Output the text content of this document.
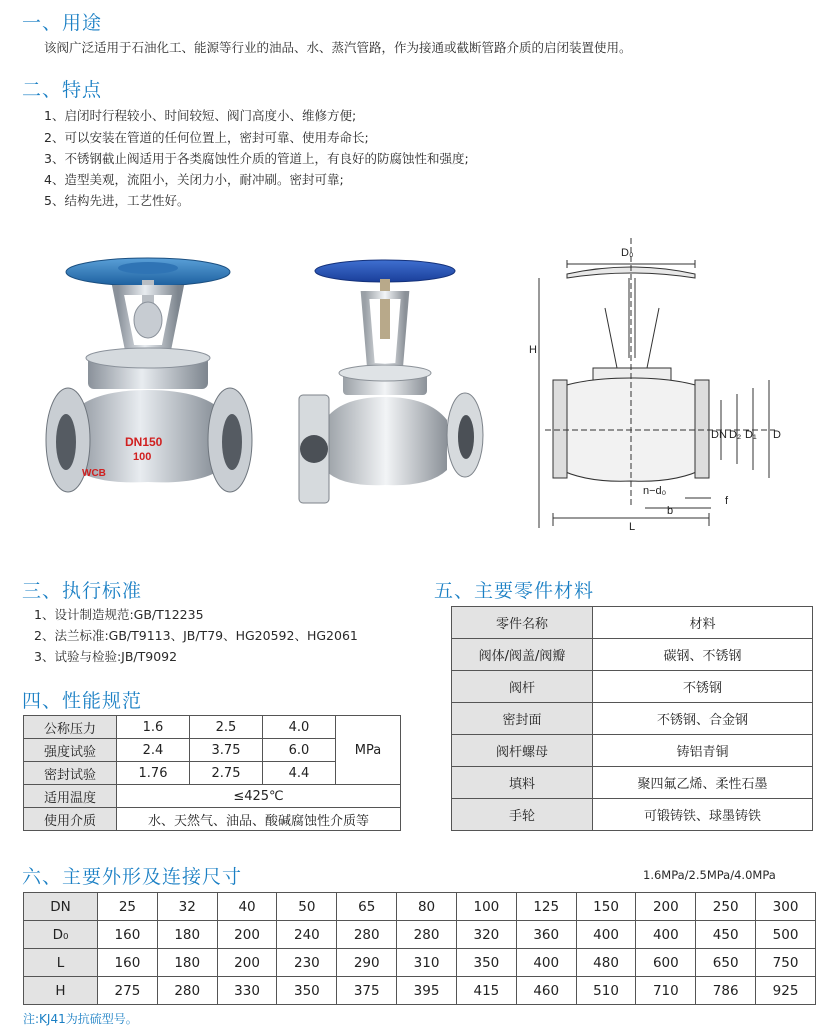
一、用途
该阀广泛适用于石油化工、能源等行业的油品、水、蒸汽管路，作为接通或截断管路介质的启闭装置使用。
二、特点
1、启闭时行程较小、时间较短、阀门高度小、维修方便;
2、可以安装在管道的任何位置上，密封可靠、使用寿命长;
3、不锈钢截止阀适用于各类腐蚀性介质的管道上，有良好的防腐蚀性和强度;
4、造型美观，流阻小，关闭力小，耐冲刷。密封可靠;
5、结构先进，工艺性好。
DN150
100
WCB
D₀
H
DN D₂ D₁ D
n−d₀
f
b
L
三、执行标准
1、设计制造规范:GB/T12235
2、法兰标准:GB/T9113、JB/T79、HG20592、HG2061
3、试验与检验:JB/T9092
四、性能规范
公称压力	1.6	2.5	4.0	MPa
强度试验	2.4	3.75	6.0	
密封试验	1.76	2.75	4.4	
适用温度	≤425℃			
使用介质	水、天然气、油品、酸碱腐蚀性介质等			
五、主要零件材料
零件名称	材料
阀体/阀盖/阀瓣	碳钢、不锈钢
阀杆	不锈钢
密封面	不锈钢、合金钢
阀杆螺母	铸铝青铜
填料	聚四氟乙烯、柔性石墨
手轮	可锻铸铁、球墨铸铁
六、主要外形及连接尺寸	1.6MPa/2.5MPa/4.0MPa
DN	25	32	40	50	65	80	100	125	150	200	250	300
D₀	160	180	200	240	280	280	320	360	400	400	450	500
L	160	180	200	230	290	310	350	400	480	600	650	750
H	275	280	330	350	375	395	415	460	510	710	786	925
注:KJ41为抗硫型号。
